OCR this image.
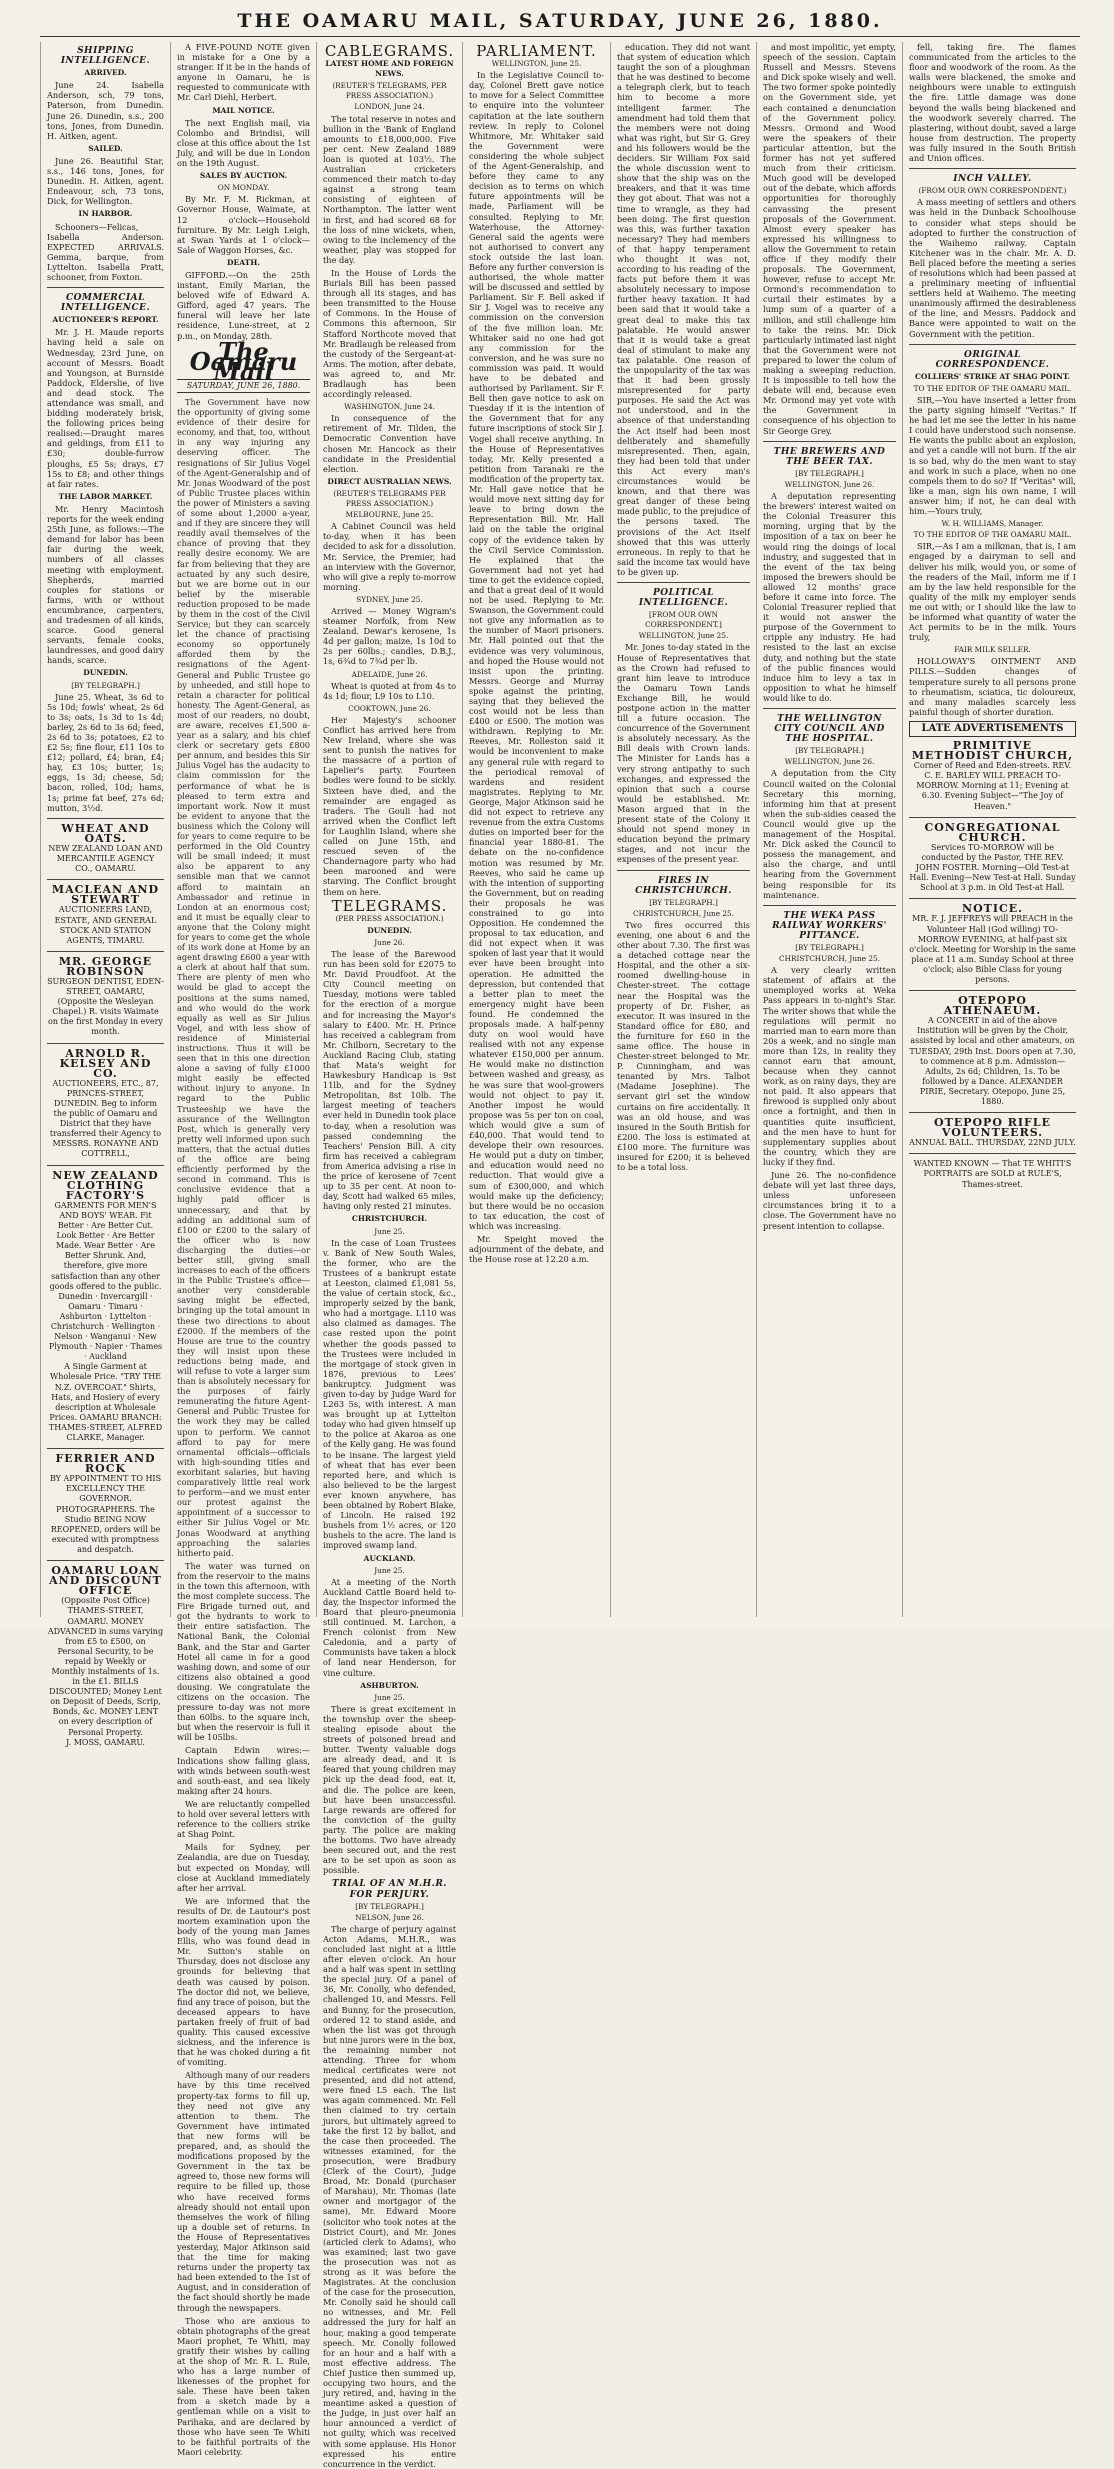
THE OAMARU MAIL, SATURDAY, JUNE 26, 1880.
SHIPPING INTELLIGENCE.
ARRIVED.

June 24. Isabella Anderson, sch, 79 tons, Paterson, from Dunedin. June 26. Dunedin, s.s., 200 tons, Jones, from Dunedin. H. Aitken, agent.

SAILED.

June 26. Beautiful Star, s.s., 146 tons, Jones, for Dunedin. H. Aitken, agent. Endeavour, sch, 73 tons, Dick, for Wellington.

IN HARBOR.

Schooners—Felicas, Isabella Anderson. EXPECTED ARRIVALS. Gemma, barque, from Lyttelton. Isabella Pratt, schooner, from Foxton.

COMMERCIAL INTELLIGENCE.
AUCTIONEER'S REPORT.

Mr. J. H. Maude reports having held a sale on Wednesday, 23rd June, on account of Messrs. Boadt and Youngson, at Burnside Paddock, Elderslie, of live and dead stock. The attendance was small, and bidding moderately brisk, the following prices being realised:—Draught mares and geldings, from £11 to £30; double-furrow ploughs, £5 5s; drays, £7 15s to £8; and other things at fair rates.

THE LABOR MARKET.

Mr. Henry Macintosh reports for the week ending 25th June, as follows:—The demand for labor has been fair during the week, numbers of all classes meeting with employment. Shepherds, married couples for stations or farms, with or without encumbrance, carpenters, and tradesmen of all kinds, scarce. Good general servants, female cooks, laundresses, and good dairy hands, scarce.

DUNEDIN.
[BY TELEGRAPH.]

June 25. Wheat, 3s 6d to 5s 10d; fowls' wheat, 2s 6d to 3s; oats, 1s 3d to 1s 4d; barley, 2s 6d to 3s 6d; feed, 2s 6d to 3s; potatoes, £2 to £2 5s; fine flour, £11 10s to £12; pollard, £4; bran, £4; hay, £3 10s; butter, 1s; eggs, 1s 3d; cheese, 5d; bacon, rolled, 10d; hams, 1s; prime fat beef, 27s 6d; mutton, 3½d.

WHEAT AND OATS.
NEW ZEALAND LOAN AND MERCANTILE AGENCY CO., OAMARU.
MACLEAN AND STEWART
AUCTIONEERS LAND, ESTATE, AND GENERAL STOCK AND STATION AGENTS, TIMARU.
MR. GEORGE ROBINSON
SURGEON DENTIST, EDEN-STREET, OAMARU, (Opposite the Wesleyan Chapel.) R. visits Waimate on the first Monday in every month.
ARNOLD R. KELSEY AND CO.
AUCTIONEERS, ETC., 87, PRINCES-STREET, DUNEDIN. Beg to inform the public of Oamaru and District that they have transferred their Agency to MESSRS. RONAYNE AND COTTRELL,
NEW ZEALAND CLOTHING FACTORY'S
GARMENTS FOR MEN'S AND BOYS' WEAR. Fit Better · Are Better Cut. Look Better · Are Better Made. Wear Better · Are Better Shrunk. And, therefore, give more satisfaction than any other goods offered to the public.
Dunedin · Invercargill · Oamaru · Timaru · Ashburton · Lyttelton · Christchurch · Wellington · Nelson · Wanganui · New Plymouth · Napier · Thames · Auckland
A Single Garment at Wholesale Price. "TRY THE N.Z. OVERCOAT." Shirts, Hats, and Hosiery of every description at Wholesale Prices. OAMARU BRANCH: THAMES-STREET, ALFRED CLARKE, Manager.
FERRIER AND ROCK
BY APPOINTMENT TO HIS EXCELLENCY THE GOVERNOR. PHOTOGRAPHERS. The Studio BEING NOW REOPENED, orders will be executed with promptness and despatch.
OAMARU LOAN AND DISCOUNT OFFICE
(Opposite Post Office) THAMES-STREET, OAMARU. MONEY ADVANCED in sums varying from £5 to £500, on Personal Security, to be repaid by Weekly or Monthly instalments of 1s. in the £1. BILLS DISCOUNTED; Money Lent on Deposit of Deeds, Scrip, Bonds, &c. MONEY LENT on every description of Personal Property.
J. MOSS, OAMARU.

A FIVE-POUND NOTE given in mistake for a One by a stranger. If it be in the hands of anyone in Oamaru, he is requested to communicate with Mr. Carl Diehl, Herbert.

MAIL NOTICE.

The next English mail, via Colombo and Brindisi, will close at this office about the 1st July, and will be due in London on the 19th August.

SALES BY AUCTION.
ON MONDAY.

By Mr. F. M. Rickman, at Governor House, Waimate, at 12 o'clock—Household furniture. By Mr. Leigh Leigh, at Swan Yards at 1 o'clock—Sale of Waggon Horses, &c.

DEATH.

GIFFORD.—On the 25th instant, Emily Marian, the beloved wife of Edward A. Gifford, aged 47 years. The funeral will leave her late residence, Lune-street, at 2 p.m., on Monday, 28th.

The Oamaru Mail
SATURDAY, JUNE 26, 1880.

The Government have now the opportunity of giving some evidence of their desire for economy, and that, too, without in any way injuring any deserving officer. The resignations of Sir Julius Vogel of the Agent-Generalship and of Mr. Jonas Woodward of the post of Public Trustee places within the power of Ministers a saving of some about 1,2000 a-year, and if they are sincere they will readily avail themselves of the chance of proving that they really desire economy. We are far from believing that they are actuated by any such desire, but we are borne out in our belief by the miserable reduction proposed to be made by them in the cost of the Civil Service; but they can scarcely let the chance of practising economy so opportunely afforded them by the resignations of the Agent-General and Public Trustee go by unheeded, and still hope to retain a character for political honesty. The Agent-General, as most of our readers, no doubt, are aware, receives £1,500 a-year as a salary, and his chief clerk or secretary gets £800 per annum, and besides this Sir Julius Vogel has the audacity to claim commission for the performance of what he is pleased to term extra and important work. Now it must be evident to anyone that the business which the Colony will for years to come require to be performed in the Old Country will be small indeed; it must also be apparent to any sensible man that we cannot afford to maintain an Ambassador and retinue in London at an enormous cost; and it must be equally clear to anyone that the Colony might for years to come get the whole of its work done at Home by an agent drawing £600 a year with a clerk at about half that sum. There are plenty of men who would be glad to accept the positions at the sums named, and who would do the work equally as well as Sir Julius Vogel, and with less show of residence of Ministerial instructions. Thus it will be seen that in this one direction alone a saving of fully £1000 might easily be effected without injury to anyone. In regard to the Public Trusteeship we have the assurance of the Wellington Post, which is generally very pretty well informed upon such matters, that the actual duties of the office are being efficiently performed by the second in command. This is conclusive evidence that a highly paid officer is unnecessary, and that by adding an additional sum of £100 or £200 to the salary of the officer who is now discharging the duties—or better still, giving small increases to each of the officers in the Public Trustee's office—another very considerable saving might be effected, bringing up the total amount in these two directions to about £2000. If the members of the House are true to the country they will insist upon these reductions being made, and will refuse to vote a larger sum than is absolutely necessary for the purposes of fairly remunerating the future Agent-General and Public Trustee for the work they may be called upon to perform. We cannot afford to pay for mere ornamental officials—officials with high-sounding titles and exorbitant salaries, but having comparatively little real work to perform—and we must enter our protest against the appointment of a successor to either Sir Julius Vogel or Mr. Jonas Woodward at anything approaching the salaries hitherto paid.

The water was turned on from the reservoir to the mains in the town this afternoon, with the most complete success. The Fire Brigade turned out, and got the hydrants to work to their entire satisfaction. The National Bank, the Colonial Bank, and the Star and Garter Hotel all came in for a good washing down, and some of our citizens also obtained a good dousing. We congratulate the citizens on the occasion. The pressure to-day was not more than 60lbs. to the square inch, but when the reservoir is full it will be 105lbs.

Captain Edwin wires:—Indications show falling glass, with winds between south-west and south-east, and sea likely making after 24 hours.

We are reluctantly compelled to hold over several letters with reference to the colliers strike at Shag Point.

Mails for Sydney, per Zealandia, are due on Tuesday, but expected on Monday, will close at Auckland immediately after her arrival.

We are informed that the results of Dr. de Lautour's post mortem examination upon the body of the young man James Ellis, who was found dead in Mr. Sutton's stable on Thursday, does not disclose any grounds for believing that death was caused by poison. The doctor did not, we believe, find any trace of poison, but the deceased appears to have partaken freely of fruit of bad quality. This caused excessive sickness, and the inference is that he was choked during a fit of vomiting.

Although many of our readers have by this time received property-tax forms to fill up, they need not give any attention to them. The Government have intimated that new forms will be prepared, and, as should the modifications proposed by the Government in the tax be agreed to, those new forms will require to be filled up, those who have received forms already should not entail upon themselves the work of filling up a double set of returns. In the House of Representatives yesterday, Major Atkinson said that the time for making returns under the property tax had been extended to the 1st of August, and in consideration of the fact should shortly be made through the newspapers.

Those who are anxious to obtain photographs of the great Maori prophet, Te Whiti, may gratify their wishes by calling at the shop of Mr. R. L. Rule, who has a large number of likenesses of the prophet for sale. These have been taken from a sketch made by a gentleman while on a visit to Parihaka, and are declared by those who have seen Te Whiti to be faithful portraits of the Maori celebrity.

CABLEGRAMS.
LATEST HOME AND FOREIGN NEWS.
(REUTER'S TELEGRAMS, PER PRESS ASSOCIATION.)
LONDON, June 24.

The total reserve in notes and bullion in the 'Bank of England amounts to £18,000,000. Five per cent. New Zealand 1889 loan is quoted at 103½. The Australian cricketers commenced their match to-day against a strong team consisting of eighteen of Northampton. The latter went in first, and had scored 68 for the loss of nine wickets, when, owing to the inclemency of the weather, play was stopped for the day.

In the House of Lords the Burials Bill has been passed through all its stages, and has been transmitted to the House of Commons. In the House of Commons this afternoon, Sir Stafford Northcote moved that Mr. Bradlaugh be released from the custody of the Sergeant-at-Arms. The motion, after debate, was agreed to, and Mr. Bradlaugh has been accordingly released.

WASHINGTON, June 24.

In consequence of the retirement of Mr. Tilden, the Democratic Convention have chosen Mr. Hancock as their candidate in the Presidential election.

DIRECT AUSTRALIAN NEWS.
(REUTER'S TELEGRAMS PER PRESS ASSOCIATION.)
MELBOURNE, June 25.

A Cabinet Council was held to-day, when it has been decided to ask for a dissolution. Mr. Service, the Premier, had an interview with the Governor, who will give a reply to-morrow morning.

SYDNEY, June 25.

Arrived — Money Wigram's steamer Norfolk, from New Zealand. Dewar's kerosene, 1s 4d per gallon; maize, 1s 10d to 2s per 60lbs.; candles, D.B.J., 1s, 6¾d to 7¾d per lb.

ADELAIDE, June 26.

Wheat is quoted at from 4s to 4s 1d; flour, L9 10s to L10.

COOKTOWN, June 26.

Her Majesty's schooner Conflict has arrived here from New Ireland, where she was sent to punish the natives for the massacre of a portion of Lapelier's party. Fourteen bodies were found to be sickly. Sixteen have died, and the remainder are engaged as traders. The Gouli had not arrived when the Conflict left for Laughlin Island, where she called on June 15th, and rescued seven of the Chandernagore party who had been marooned and were starving. The Conflict brought them on here.

TELEGRAMS.
(PER PRESS ASSOCIATION.)
DUNEDIN.
June 26.

The lease of the Barewood run has been sold for £2075 to Mr. David Proudfoot. At the City Council meeting on Tuesday, motions were tabled for the erection of a morgue and for increasing the Mayor's salary to £400. Mr. H. Prince has received a cablegram from Mr. Chilborn, Secretary to the Auckland Racing Club, stating that Mata's weight for Hawkesbury Handicap is 9st 11lb, and for the Sydney Metropolitan, 8st 10lb. The largest meeting of teachers ever held in Dunedin took place to-day, when a resolution was passed condemning the Teachers' Pension Bill. A city firm has received a cablegram from America advising a rise in the price of kerosene of 7cent up to 35 per cent. At noon to-day, Scott had walked 65 miles, having only rested 21 minutes.

CHRISTCHURCH.
June 25.

In the case of Loan Trustees v. Bank of New South Wales, the former, who are the Trustees of a bankrupt estate at Leeston, claimed £1,081 5s, the value of certain stock, &c., improperly seized by the bank, who had a mortgage. L110 was also claimed as damages. The case rested upon the point whether the goods passed to the Trustees were included in the mortgage of stock given in 1876, previous to Lees' bankruptcy. Judgment was given to-day by Judge Ward for L263 5s, with interest. A man was brought up at Lyttelton today who had given himself up to the police at Akaroa as one of the Kelly gang. He was found to be insane. The largest yield of wheat that has ever been reported here, and which is also believed to be the largest ever known anywhere, has been obtained by Robert Blake, of Lincoln. He raised 192 bushels from 1½ acres, or 120 bushels to the acre. The land is improved swamp land.

AUCKLAND.
June 25.

At a meeting of the North Auckland Cattle Board held to-day, the Inspector informed the Board that pleuro-pneumonia still continued. M. Larchon, a French colonist from New Caledonia, and a party of Communists have taken a block of land near Henderson, for vine culture.

ASHBURTON.
June 25.

There is great excitement in the township over the sheep-stealing episode about the streets of poisoned bread and butter. Twenty valuable dogs are already dead, and it is feared that young children may pick up the dead food, eat it, and die. The police are keen, but have been unsuccessful. Large rewards are offered for the conviction of the guilty party. The police are making the bottoms. Two have already been secured out, and the rest are to be set upon as soon as possible.

TRIAL OF AN M.H.R. FOR PERJURY.
[BY TELEGRAPH.]
NELSON, June 26.

The charge of perjury against Acton Adams, M.H.R., was concluded last night at a little after eleven o'clock. An hour and a half was spent in settling the special jury. Of a panel of 36, Mr. Conolly, who defended, challenged 10, and Messrs. Fell and Bunny, for the prosecution, ordered 12 to stand aside, and when the list was got through but nine jurors were in the box, the remaining number not attending. Three for whom medical certificates were not presented, and did not attend, were fined L5 each. The list was again commenced. Mr. Fell then claimed to try certain jurors, but ultimately agreed to take the first 12 by ballot, and the case then proceeded. The witnesses examined, for the prosecution, were Bradbury (Clerk of the Court), Judge Broad, Mr. Donald (purchaser of Marahau), Mr. Thomas (late owner and mortgagor of the same), Mr. Edward Moore (solicitor who took notes at the District Court), and Mr. Jones (articled clerk to Adams), who was examined; last two gave the prosecution was not as strong as it was before the Magistrates. At the conclusion of the case for the prosecution, Mr. Conolly said he should call no witnesses, and Mr. Fell addressed the jury for half an hour, making a good temperate speech. Mr. Conolly followed for an hour and a half with a most effective address. The Chief Justice then summed up, occupying two hours, and the jury retired, and, having in the meantime asked a question of the Judge, in just over half an hour announced a verdict of not guilty, which was received with some applause. His Honor expressed his entire concurrence in the verdict.

PARLIAMENT.
WELLINGTON, June 25.

In the Legislative Council to-day, Colonel Brett gave notice to move for a Select Committee to enquire into the volunteer capitation at the late southern review. In reply to Colonel Whitmore, Mr. Whitaker said the Government were considering the whole subject of the Agent-Generalship, and before they came to any decision as to terms on which future appointments will be made, Parliament will be consulted. Replying to Mr. Waterhouse, the Attorney-General said the agents were not authorised to convert any stock outside the last loan. Before any further conversion is authorised, the whole matter will be discussed and settled by Parliament. Sir F. Bell asked if Sir J. Vogel was to receive any commission on the conversion of the five million loan. Mr. Whitaker said no one had got any commission for the conversion, and he was sure no commission was paid. It would have to be debated and authorised by Parliament. Sir F. Bell then gave notice to ask on Tuesday if it is the intention of the Government that for any future inscriptions of stock Sir J. Vogel shall receive anything. In the House of Representatives today, Mr. Kelly presented a petition from Taranaki re the modification of the property tax. Mr. Hall gave notice that he would move next sitting day for leave to bring down the Representation Bill. Mr. Hall laid on the table the original copy of the evidence taken by the Civil Service Commission. He explained that the Government had not yet had time to get the evidence copied, and that a great deal of it would not be used. Replying to Mr. Swanson, the Government could not give any information as to the number of Maori prisoners. Mr. Hall pointed out that the evidence was very voluminous, and hoped the House would not insist upon the printing. Messrs. George and Murray spoke against the printing, saying that they believed the cost would not be less than £400 or £500. The motion was withdrawn. Replying to Mr. Reeves, Mr. Rolleston said it would be inconvenient to make any general rule with regard to the periodical removal of wardens and resident magistrates. Replying to Mr. George, Major Atkinson said he did not expect to retrieve any revenue from the extra Customs duties on imported beer for the financial year 1880-81. The debate on the no-confidence motion was resumed by Mr. Reeves, who said he came up with the intention of supporting the Government, but on reading their proposals he was constrained to go into Opposition. He condemned the proposal to tax education, and did not expect when it was spoken of last year that it would ever have been brought into operation. He admitted the depression, but contended that a better plan to meet the emergency might have been found. He condemned the proposals made. A half-penny duty on wool would have realised with not any expense whatever £150,000 per annum. He would make no distinction between washed and greasy, as he was sure that wool-growers would not object to pay it. Another impost he would propose was 5s per ton on coal, which would give a sum of £40,000. That would tend to develope their own resources. He would put a duty on timber, and education would need no reduction. That would give a sum of £300,000, and which would make up the deficiency; but there would be no occasion to tax education, the cost of which was increasing.

Mr. Speight moved the adjournment of the debate, and the House rose at 12.20 a.m.

education. They did not want that system of education which taught the son of a ploughman that he was destined to become a telegraph clerk, but to teach him to become a more intelligent farmer. The amendment had told them that the members were not doing what was right, but Sir G. Grey and his followers would be the deciders. Sir William Fox said the whole discussion went to show that the ship was on the breakers, and that it was time they got about. That was not a time to wrangle, as they had been doing. The first question was this, was further taxation necessary? They had members of that happy temperament who thought it was not, according to his reading of the facts put before them it was absolutely necessary to impose further heavy taxation. It had been said that it would take a great deal to make this tax palatable. He would answer that it is would take a great deal of stimulant to make any tax palatable. One reason of the unpopularity of the tax was that it had been grossly misrepresented for party purposes. He said the Act was not understood, and in the absence of that understanding the Act itself had been most deliberately and shamefully misrepresented. Then, again, they had been told that under this Act every man's circumstances would be known, and that there was great danger of these being made public, to the prejudice of the persons taxed. The provisions of the Act itself showed that this was utterly erroneous. In reply to that he said the income tax would have to be given up.

POLITICAL INTELLIGENCE.
[FROM OUR OWN CORRESPONDENT.]
WELLINGTON, June 25.

Mr. Jones to-day stated in the House of Representatives that as the Crown had refused to grant him leave to introduce the Oamaru Town Lands Exchange Bill, he would postpone action in the matter till a future occasion. The concurrence of the Government is absolutely necessary. As the Bill deals with Crown lands. The Minister for Lands has a very strong antipathy to such exchanges, and expressed the opinion that such a course would be established. Mr. Mason argued that in the present state of the Colony it should not spend money in education beyond the primary stages, and not incur the expenses of the present year.

FIRES IN CHRISTCHURCH.
[BY TELEGRAPH.]
CHRISTCHURCH, June 25.

Two fires occurred this evening, one about 6 and the other about 7.30. The first was a detached cottage near the Hospital, and the other a six-roomed dwelling-house in Chester-street. The cottage near the Hospital was the property of Dr. Fisher, as executor. It was insured in the Standard office for £80, and the furniture for £60 in the same office. The house in Chester-street belonged to Mr. P. Cunningham, and was tenanted by Mrs. Talbot (Madame Josephine). The servant girl set the window curtains on fire accidentally. It was an old house, and was insured in the South British for £200. The loss is estimated at £100 more. The furniture was insured for £200; it is believed to be a total loss.

and most impolitic, yet empty, speech of the session. Captain Russell and Messrs. Stevens and Dick spoke wisely and well. The two former spoke pointedly on the Government side, yet each contained a denunciation of the Government policy. Messrs. Ormond and Wood were the speakers of their particular attention, but the former has not yet suffered much from their criticism. Much good will be developed out of the debate, which affords opportunities for thoroughly canvassing the present proposals of the Government. Almost every speaker has expressed his willingness to allow the Government to retain office if they modify their proposals. The Government, however, refuse to accept Mr. Ormond's recommendation to curtail their estimates by a lump sum of a quarter of a million, and still challenge him to take the reins. Mr. Dick particularly intimated last night that the Government were not prepared to lower the colum of making a sweeping reduction. It is impossible to tell how the debate will end, because even Mr. Ormond may yet vote with the Government in consequence of his objection to Sir George Grey.

THE BREWERS AND THE BEER TAX.
[BY TELEGRAPH.]
WELLINGTON, June 26.

A deputation representing the brewers' interest waited on the Colonial Treasurer this morning, urging that by the imposition of a tax on beer he would ring the doings of local industry, and suggested that in the event of the tax being imposed the brewers should be allowed 12 months' grace before it came into force. The Colonial Treasurer replied that it would not answer the purpose of the Government to cripple any industry. He had resisted to the last an excise duty, and nothing but the state of the public finances would induce him to levy a tax in opposition to what he himself would like to do.

THE WELLINGTON CITY COUNCIL AND THE HOSPITAL.
[BY TELEGRAPH.]
WELLINGTON, June 26.

A deputation from the City Council waited on the Colonial Secretary this morning, informing him that at present when the sub-sidies ceased the Council would give up the management of the Hospital. Mr. Dick asked the Council to possess the management, and also the charge, and until hearing from the Government being responsible for its maintenance.

THE WEKA PASS RAILWAY WORKERS' PITTANCE.
[BY TELEGRAPH.]
CHRISTCHURCH, June 25.

A very clearly written statement of affairs at the unemployed works at Weka Pass appears in to-night's Star. The writer shows that while the regulations will permit no married man to earn more than 20s a week, and no single man more than 12s, in reality they cannot earn that amount, because when they cannot work, as on rainy days, they are not paid. It also appears that firewood is supplied only about once a fortnight, and then in quantities quite insufficient, and the men have to hunt for supplementary supplies about the country, which they are lucky if they find.

June 26. The no-confidence debate will yet last three days, unless unforeseen circumstances bring it to a close. The Government have no present intention to collapse.

fell, taking fire. The flames communicated from the articles to the floor and woodwork of the room. As the walls were blackened, the smoke and neighbours were unable to extinguish the fire. Little damage was done beyond the walls being blackened and the woodwork severely charred. The plastering, without doubt, saved a large house from destruction. The property was fully insured in the South British and Union offices.

INCH VALLEY.
(FROM OUR OWN CORRESPONDENT.)

A mass meeting of settlers and others was held in the Dunback Schoolhouse to consider what steps should be adopted to further the construction of the Waihemo railway. Captain Kitchener was in the chair. Mr. A. D. Bell placed before the meeting a series of resolutions which had been passed at a preliminary meeting of influential settlers held at Waihemo. The meeting unanimously affirmed the desirableness of the line, and Messrs. Paddock and Bance were appointed to wait on the Government with the petition.

ORIGINAL CORRESPONDENCE.
COLLIERS' STRIKE AT SHAG POINT.
TO THE EDITOR OF THE OAMARU MAIL.

SIR,—You have inserted a letter from the party signing himself "Veritas." If he had let me see the letter in his name I could have understood such nonsense. He wants the public about an explosion, and yet a candle will not burn. If the air is so bad, why do the men want to stay and work in such a place, when no one compels them to do so? If "Veritas" will, like a man, sign his own name, I will answer him; if not, he can deal with him.—Yours truly,

W. H. WILLIAMS, Manager.
TO THE EDITOR OF THE OAMARU MAIL.

SIR,—As I am a milkman, that is, I am engaged by a dairyman to sell and deliver his milk, would you, or some of the readers of the Mail, inform me if I am by the law held responsible for the quality of the milk my employer sends me out with; or I should like the law to be informed what quantity of water the Act permits to be in the milk. Yours truly,

FAIR MILK SELLER.

HOLLOWAY'S OINTMENT AND PILLS.—Sudden changes of temperature surely to all persons prone to rheumatism, sciatica, tic doloureux, and many maladies scarcely less painful though of shorter duration.

LATE ADVERTISEMENTS
PRIMITIVE METHODIST CHURCH,
Corner of Reed and Eden-streets. REV. C. E. BARLEY WILL PREACH TO-MORROW. Morning at 11; Evening at 6.30. Evening Subject—"The Joy of Heaven."
CONGREGATIONAL CHURCH.
Services TO-MORROW will be conducted by the Pastor, THE REV. JOHN FOSTER. Morning—Old Test-at Hall. Evening—New Test-at Hall. Sunday School at 3 p.m. in Old Test-at Hall.
NOTICE.
MR. F. J. JEFFREYS will PREACH in the Volunteer Hall (God willing) TO-MORROW EVENING, at half-past six o'clock. Meeting for Worship in the same place at 11 a.m. Sunday School at three o'clock; also Bible Class for young persons.
OTEPOPO ATHENAEUM.
A CONCERT in aid of the above Institution will be given by the Choir, assisted by local and other amateurs, on TUESDAY, 29th Inst. Doors open at 7.30, to commence at 8 p.m. Admission—Adults, 2s 6d; Children, 1s. To be followed by a Dance. ALEXANDER PIRIE, Secretary. Otepopo, June 25, 1880.
OTEPOPO RIFLE VOLUNTEERS.
ANNUAL BALL. THURSDAY, 22ND JULY.
WANTED KNOWN — That TE WHITI'S PORTRAITS are SOLD at RULE'S, Thames-street.
